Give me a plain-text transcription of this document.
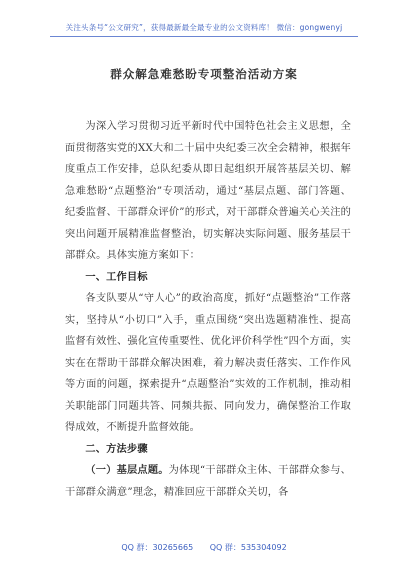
关注头条号“公文研究”，获得最新最全最专业的公文资料库！ 微信：gongwenyj
群众解急难愁盼专项整治活动方案

为深入学习贯彻习近平新时代中国特色社会主义思想，全面贯彻落实党的XX大和二十届中央纪委三次全会精神，根据年度重点工作安排，总队纪委从即日起组织开展答基层关切、解急难愁盼“点题整治”专项活动，通过“基层点题、部门答题、纪委监督、干部群众评价”的形式，对干部群众普遍关心关注的突出问题开展精准监督整治，切实解决实际问题、服务基层干部群众。具体实施方案如下：

一、工作目标

各支队要从“守人心”的政治高度，抓好“点题整治”工作落实，坚持从“小切口”入手，重点围绕“突出选题精准性、提高监督有效性、强化宣传重要性、优化评价科学性”四个方面，实实在在帮助干部群众解决困难，着力解决责任落实、工作作风等方面的问题，探索提升“点题整治”实效的工作机制，推动相关职能部门同题共答、同频共振、同向发力，确保整治工作取得成效，不断提升监督效能。

二、方法步骤

（一）基层点题。为体现“干部群众主体、干部群众参与、干部群众满意”理念，精准回应干部群众关切，各

QQ 群：30265665 QQ 群：535304092
